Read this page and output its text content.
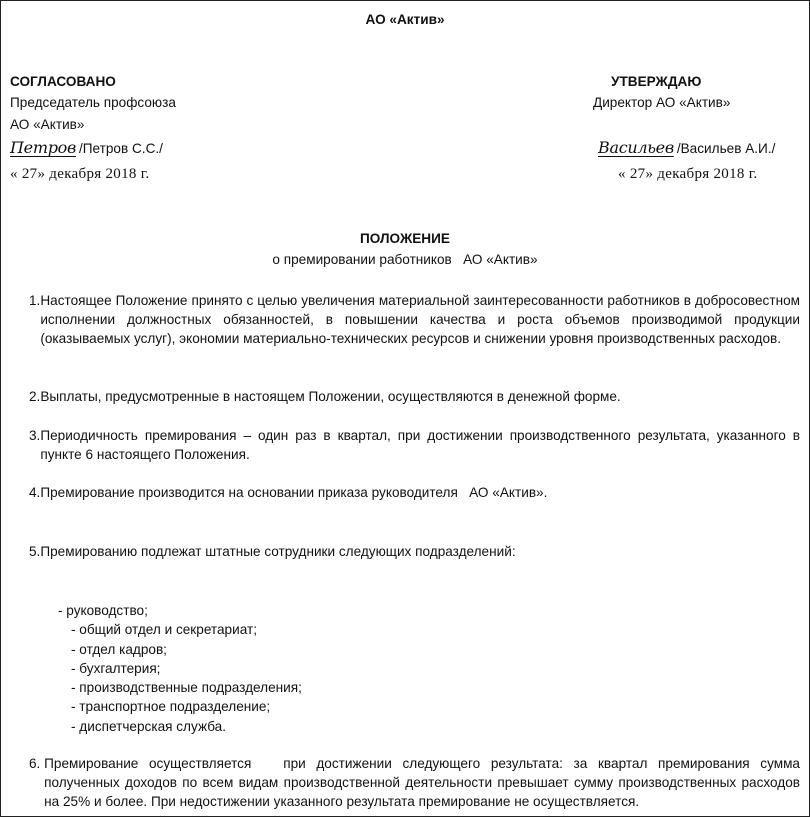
АО «Актив»
СОГЛАСОВАНО
Председатель профсоюза
АО «Актив»
Петров /Петров С.С./
« 27» декабря 2018 г.
УТВЕРЖДАЮ
Директор АО «Актив»
Васильев /Васильев А.И./
« 27» декабря 2018 г.
ПОЛОЖЕНИЕ
о премировании работников   АО «Актив»
1. Настоящее Положение принято с целью увеличения материальной заинтересованности работников в добросовестном исполнении должностных обязанностей, в повышении качества и роста объемов производимой продукции (оказываемых услуг), экономии материально-технических ресурсов и снижении уровня производственных расходов.
2. Выплаты, предусмотренные в настоящем Положении, осуществляются в денежной форме.
3. Периодичность премирования – один раз в квартал, при достижении производственного результата, указанного в пункте 6 настоящего Положения.
4. Премирование производится на основании приказа руководителя   АО «Актив».
5. Премированию подлежат штатные сотрудники следующих подразделений:
- руководство;
- общий отдел и секретариат;
- отдел кадров;
- бухгалтерия;
- производственные подразделения;
- транспортное подразделение;
- диспетчерская служба.
6. Премирование осуществляется   при достижении следующего результата: за квартал премирования сумма полученных доходов по всем видам производственной деятельности превышает сумму производственных расходов на 25% и более. При недостижении указанного результата премирование не осуществляется.
